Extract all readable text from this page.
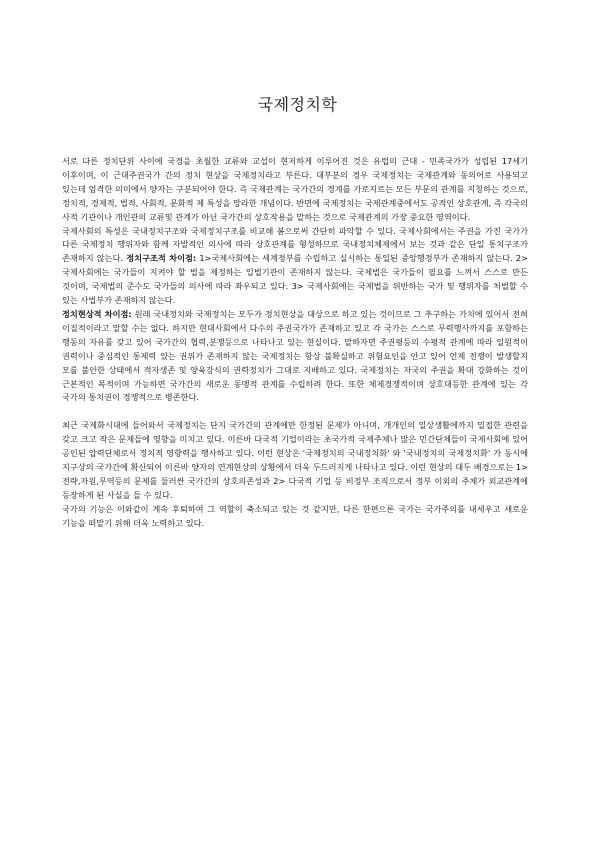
국제정치학

서로 다른 정치단위 사이에 국경을 초월한 교류와 교섭이 현저하게 이루어진 것은 유럽의 근대 - 민족국가가 성립된 17세기 이후이며, 이 근대주권국가 간의 정치 현상을 국제정치라고 부른다. 대부분의 경우 국제정치는 국제관계와 동의어로 사용되고 있는데 엄격한 의미에서 양자는 구분되어야 한다. 즉 국제관계는 국가간의 경계를 가로지르는 모든 부문의 관계를 지칭하는 것으로, 정치적, 경제적, 법적, 사회적, 문화적 제 특성을 망라한 개념이다. 반면에 국제정치는 국제관계중에서도 공적인 상호관계, 즉 각국의 사적 기관이나 개인관의 교류및 관계가 아닌 국가간의 상호작용을 말하는 것으로 국제관계의 가장 중요한 영역이다.

국제사회의 특성은 국내정치구조와 국제정치구조를 비교해 봄으로써 간단히 파악할 수 있다. 국제사회에서는 주권을 가진 국가가 다른 국제정치 행위자와 함께 자발적인 의사에 따라 상호관계를 형성하므로 국내정치체제에서 보는 것과 같은 단일 통치구조가 존재하지 않는다. 정치구조적 차이점: 1>국제사회에는 세계정부를 수립하고 실시하는 통일된 중앙행정부가 존재하지 않는다. 2> 국제사회에는 국가들이 지켜야 할 법을 제정하는 입법기관이 존재하지 않는다. 국제법은 국가들이 필요를 느껴서 스스로 만든 것이며, 국제법의 준수도 국가들의 의사에 따라 좌우되고 있다. 3> 국제사회에는 국제법을 위반하는 국가 및 행위자를 처벌할 수 있는 사법부가 존재하지 않는다.

정치현상적 차이점: 원래 국내정치와 국제정치는 모두가 정치현상을 대상으로 하고 있는 것이므로 그 추구하는 가치에 있어서 전혀 이질적이라고 말할 수는 없다. 하지만 현대사회에서 다수의 주권국가가 존재하고 있고 각 국가는 스스로 무력행사까지를 포함하는 행동의 자유를 갖고 있어 국가간의 협력,분쟁등으로 나타나고 있는 현실이다. 말하자면 주권평등의 수평적 관계에 따라 일원적이 권력이나 중심적인 통제력 있는 권위가 존재하지 않는 국제정치는 항상 불확실하고 위험요인을 안고 있어 언제 전쟁이 발생할지 모를 불안한 상태에서 적자생존 및 양육강식의 권력정치가 그대로 지배하고 있다. 국제정치는 자국의 주권을 확대 강화하는 것이 근본적인 목적이며 가능하면 국가간의 새로운 동맹적 관계를 수립하려 한다. 또한 체제경쟁적이며 상호대등한 관계에 있는 각 국가의 통치권이 경쟁적으로 병존한다.

최근 국제화시대에 들어와서 국제정치는 단지 국가간의 관계에만 한정된 문제가 아니며, 개개인의 일상생활에까지 밀접한 관련을 갖고 크고 작은 문제들에 영향을 미치고 있다. 이른바 다국적 기업이라는 초국가적 국제주체나 많은 민간단체들이 국제사회에 있어 공인된 압력단체로서 정치적 영향력을 행사하고 있다. 이런 현상은 '국제정치의 국내정치화' 와 '국내정치의 국제정치화' 가 동시에 지구상의 국가간에 확산되어 이른바 양자의 연계현상의 상황에서 더욱 두드러지게 나타나고 있다. 이런 현상의 대두 배경으로는 1> 전략,자원,무역등의 문제를 둘러싼 국가간의 상호의존성과 2> 다국적 기업 등 비정부 조직으로서 정부 이외의 주체가 외교관계에 등장하게 된 사실을 들 수 있다.

국가의 기능은 이와같이 계속 후퇴하여 그 역할이 축소되고 있는 것 같지만, 다른 한편으론 국가는 국가주의를 내세우고 새로운 기능을 떠맡기 위해 더욱 노력하고 있다.
